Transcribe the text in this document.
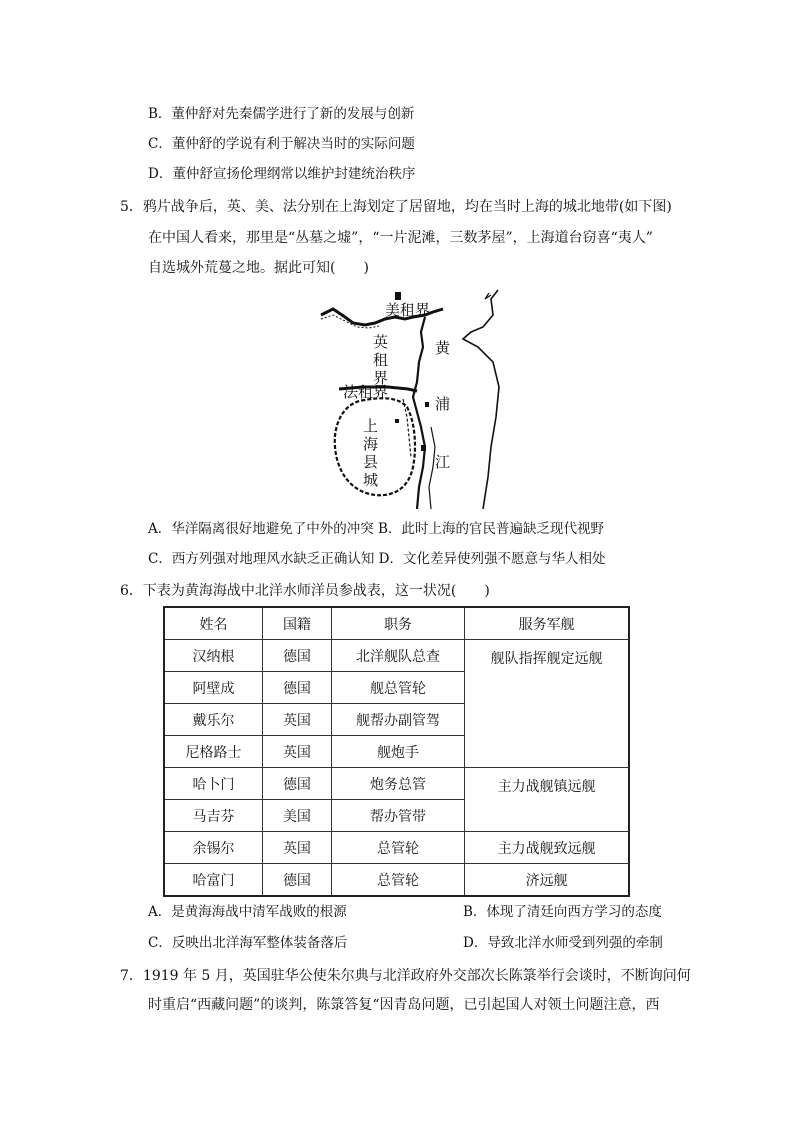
B．董仲舒对先秦儒学进行了新的发展与创新
C．董仲舒的学说有利于解决当时的实际问题
D．董仲舒宣扬伦理纲常以维护封建统治秩序
5．鸦片战争后，英、美、法分别在上海划定了居留地，均在当时上海的城北地带(如下图)
在中国人看来，那里是“丛墓之墟”，“一片泥滩，三数茅屋”，上海道台窃喜“夷人”
自选城外荒蔓之地。据此可知(　　)
美租界
英
租
界
法租界
上
海
县
城
黄
浦
江
A．华洋隔离很好地避免了中外的冲突 B．此时上海的官民普遍缺乏现代视野
C．西方列强对地理风水缺乏正确认知 D．文化差异使列强不愿意与华人相处
6．下表为黄海海战中北洋水师洋员参战表，这一状况(　　)
姓名	国籍	职务	服务军舰
汉纳根	德国	北洋舰队总查	舰队指挥舰定远舰
阿壁成	德国	舰总管轮	
戴乐尔	英国	舰帮办副管驾	
尼格路士	英国	舰炮手	
哈卜门	德国	炮务总管	主力战舰镇远舰
马吉芬	美国	帮办管带	
余锡尔	英国	总管轮	主力战舰致远舰
哈富门	德国	总管轮	济远舰
A．是黄海海战中清军战败的根源	B．体现了清廷向西方学习的态度
C．反映出北洋海军整体装备落后	D．导致北洋水师受到列强的牵制
7．1919 年 5 月，英国驻华公使朱尔典与北洋政府外交部次长陈箓举行会谈时，不断询问何
时重启“西藏问题”的谈判，陈箓答复“因青岛问题，已引起国人对领土问题注意，西
